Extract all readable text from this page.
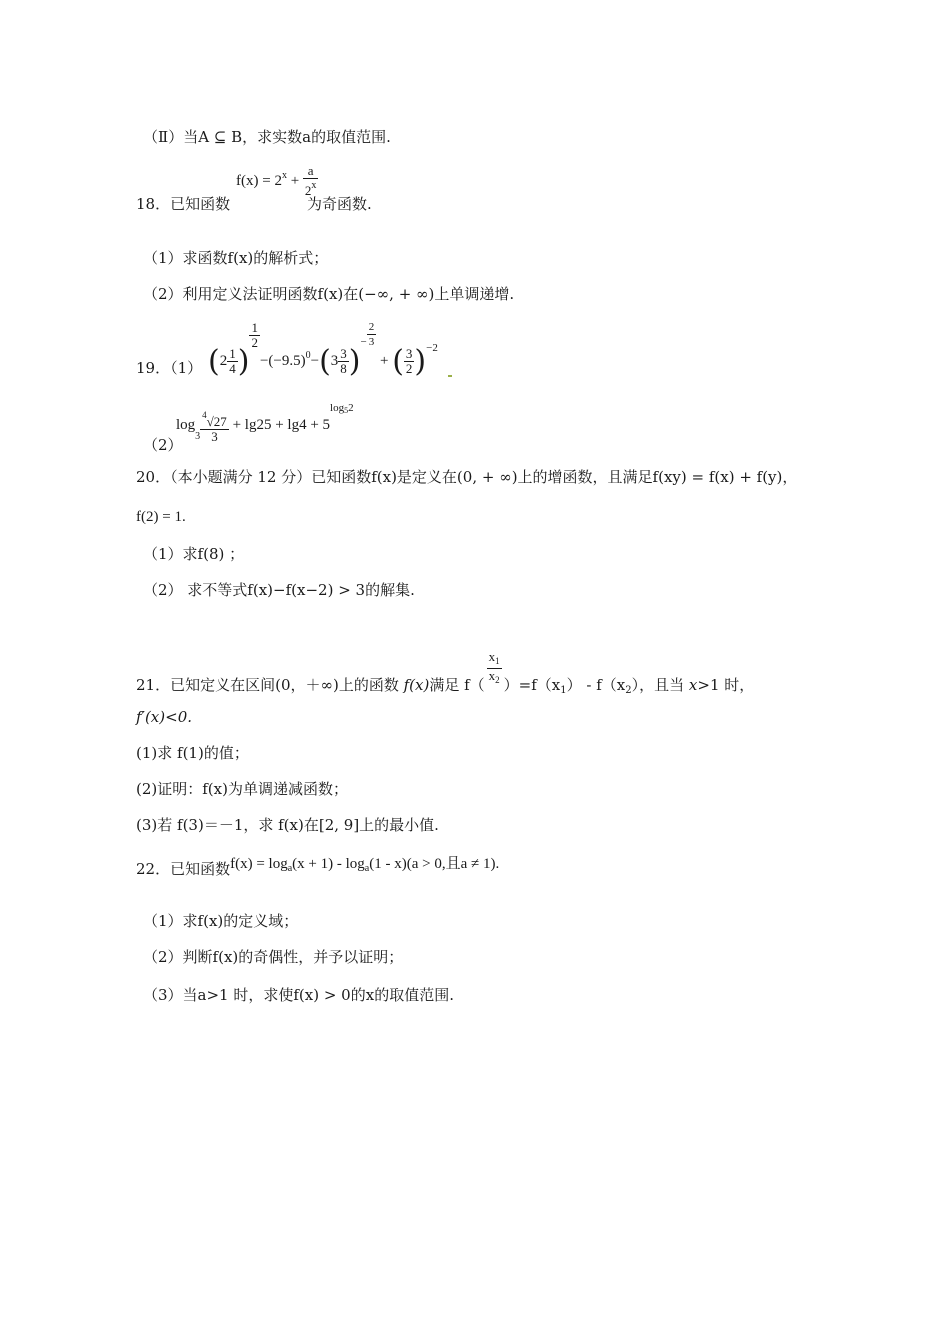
（Ⅱ）当A ⊆ B，求实数a的取值范围.
$f(x) = 2^x + \frac{a}{2^x}$
18．已知函数	为奇函数.
（1）求函数f(x)的解析式；
（2）利用定义法证明函数f(x)在(−∞, + ∞)上单调递增.
19．（1） ($2 \frac{1}{4}$ )
$\frac{1}{2}$
$-(-9.5)^0-(3 \frac{3}{8} )^- \frac{2}{3}$
+ ( $\frac{3}{2} )^{-2}$
（2）
$\log_3 \frac{^4√27}{3} + \lg 25 + \lg 4 + 5^{log52}$
20．（本小题满分 12 分）已知函数f(x)是定义在(0, + ∞)上的增函数，且满足f(xy) = f(x) + f(y)，
f(2) = 1.
（1）求f(8) ；
（2） 求不等式f(x)−f(x−2) > 3的解集.
21．已知定义在区间(0，＋∞)上的函数 f(x)满足 $f( \frac{x_1}{x_2} )=f(x_1) - f(x_2)$，且当 x>1 时，
f′(x)<0.
(1)求 f(1)的值；
(2)证明：f(x)为单调递减函数；
(3)若 f(3)＝－1，求 f(x)在[2, 9]上的最小值.
22．已知函数$f(x) = \log_a(x + 1) - \log_a(1 - x)(a > 0$,且a ≠ 1).
（1）求f(x)的定义域；
（2）判断f(x)的奇偶性，并予以证明；
（3）当a>1 时，求使f(x) > 0的x的取值范围.
